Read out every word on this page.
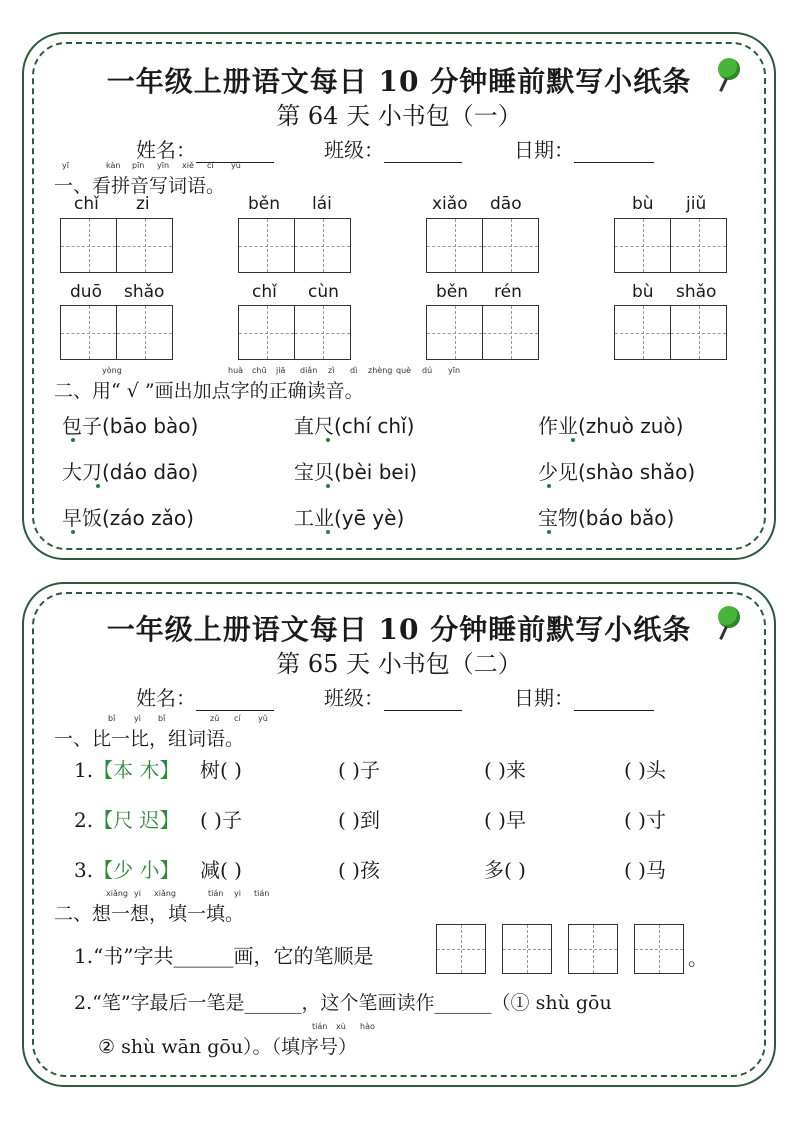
一年级上册语文每日 10 分钟睡前默写小纸条
第 64 天 小书包（一）
姓名：	班级：	日期：
yī	kàn pīn yīn xiě cí yǔ
一、看拼音写词语。
chǐ zi	běn lái	xiǎo dāo	bù jiǔ
duō shǎo	chǐ cùn	běn rén	bù shǎo
yòng	huà chū jiā diǎn zì dì zhèng què dú yīn
二、用“ √ ”画出加点字的正确读音。
包子(bāo bào)	直尺(chí chǐ)	作业(zhuò zuò)
大刀(dáo dāo)	宝贝(bèi bei)	少见(shào shǎo)
早饭(záo zǎo)	工业(yē yè)	宝物(báo bǎo)
一年级上册语文每日 10 分钟睡前默写小纸条
第 65 天 小书包（二）
姓名：	班级：	日期：
bǐ yì bǐ	zǔ cí yǔ
一、比一比，组词语。
1.【本 木】 树( )	( )子	( )来	( )头
2.【尺 迟】 ( )子	( )到	( )早	( )寸
3.【少 小】 减( )	( )孩	多( )	( )马
xiǎng yi xiǎng	tián yi tián
二、想一想，填一填。
1.“书”字共______画，它的笔顺是	。
2.“笔”字最后一笔是______，这个笔画读作______（① shù gōu
tián xù hào
② shù wān gōu）。（填序号）
